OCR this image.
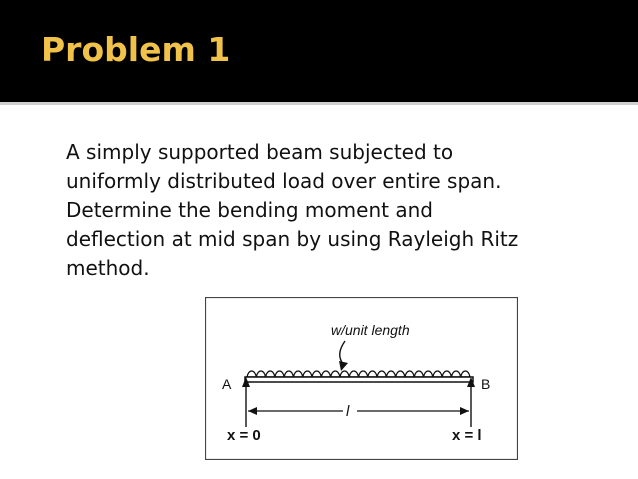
Problem 1
A simply supported beam subjected to
uniformly distributed load over entire span.
Determine the bending moment and
deflection at mid span by using Rayleigh Ritz
method.
w/unit length
A	B
l
x = 0	x = l
